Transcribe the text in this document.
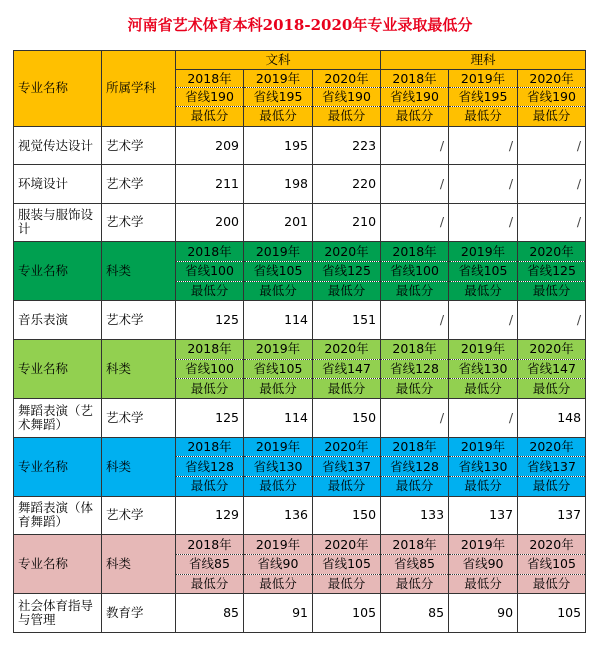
河南省艺术体育本科2018-2020年专业录取最低分
专业名称	所属学科	文科			理科		
		2018年	2019年	2020年	2018年	2019年	2020年
		省线190	省线195	省线190	省线190	省线195	省线190
		最低分	最低分	最低分	最低分	最低分	最低分
视觉传达设计	艺术学	209	195	223	/	/	/
环境设计	艺术学	211	198	220	/	/	/
服装与服饰设计	艺术学	200	201	210	/	/	/
专业名称	科类	2018年	2019年	2020年	2018年	2019年	2020年
		省线100	省线105	省线125	省线100	省线105	省线125
		最低分	最低分	最低分	最低分	最低分	最低分
音乐表演	艺术学	125	114	151	/	/	/
专业名称	科类	2018年	2019年	2020年	2018年	2019年	2020年
		省线100	省线105	省线147	省线128	省线130	省线147
		最低分	最低分	最低分	最低分	最低分	最低分
舞蹈表演（艺术舞蹈）	艺术学	125	114	150	/	/	148
专业名称	科类	2018年	2019年	2020年	2018年	2019年	2020年
		省线128	省线130	省线137	省线128	省线130	省线137
		最低分	最低分	最低分	最低分	最低分	最低分
舞蹈表演（体育舞蹈）	艺术学	129	136	150	133	137	137
专业名称	科类	2018年	2019年	2020年	2018年	2019年	2020年
		省线85	省线90	省线105	省线85	省线90	省线105
		最低分	最低分	最低分	最低分	最低分	最低分
社会体育指导与管理	教育学	85	91	105	85	90	105
